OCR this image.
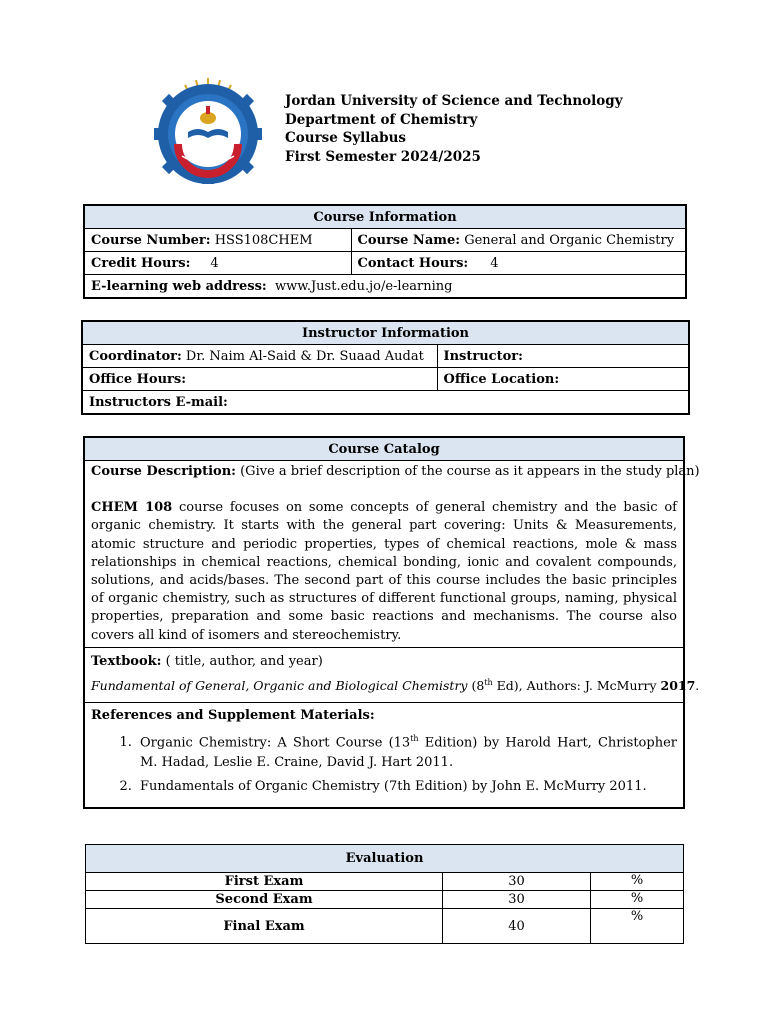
Jordan University of Science and Technology
Department of Chemistry
Course Syllabus
First Semester 2024/2025
Course Information	
Course Number: HSS108CHEM	Course Name: General and Organic Chemistry
Credit Hours: 4	Contact Hours: 4
E-learning web address: www.Just.edu.jo/e-learning	
Instructor Information	
Coordinator: Dr. Naim Al-Said & Dr. Suaad Audat	Instructor:
Office Hours:	Office Location:
Instructors E-mail:	
Course Catalog

Course Description: (Give a brief description of the course as it appears in the study plan)
CHEM 108 course focuses on some concepts of general chemistry and the basic of organic chemistry. It starts with the general part covering: Units & Measurements, atomic structure and periodic properties, types of chemical reactions, mole & mass relationships in chemical reactions, chemical bonding, ionic and covalent compounds, solutions, and acids/bases. The second part of this course includes the basic principles of organic chemistry, such as structures of different functional groups, naming, physical properties, preparation and some basic reactions and mechanisms. The course also covers all kind of isomers and stereochemistry.

Textbook: ( title, author, and year)
Fundamental of General, Organic and Biological Chemistry (8th Ed), Authors: J. McMurry 2017.

References and Supplement Materials:
1. Organic Chemistry: A Short Course (13th Edition) by Harold Hart, Christopher M. Hadad, Leslie E. Craine, David J. Hart 2011.
2. Fundamentals of Organic Chemistry (7th Edition) by John E. McMurry 2011.
Evaluation		
First Exam	30	%
Second Exam	30	%
Final Exam	40	%
